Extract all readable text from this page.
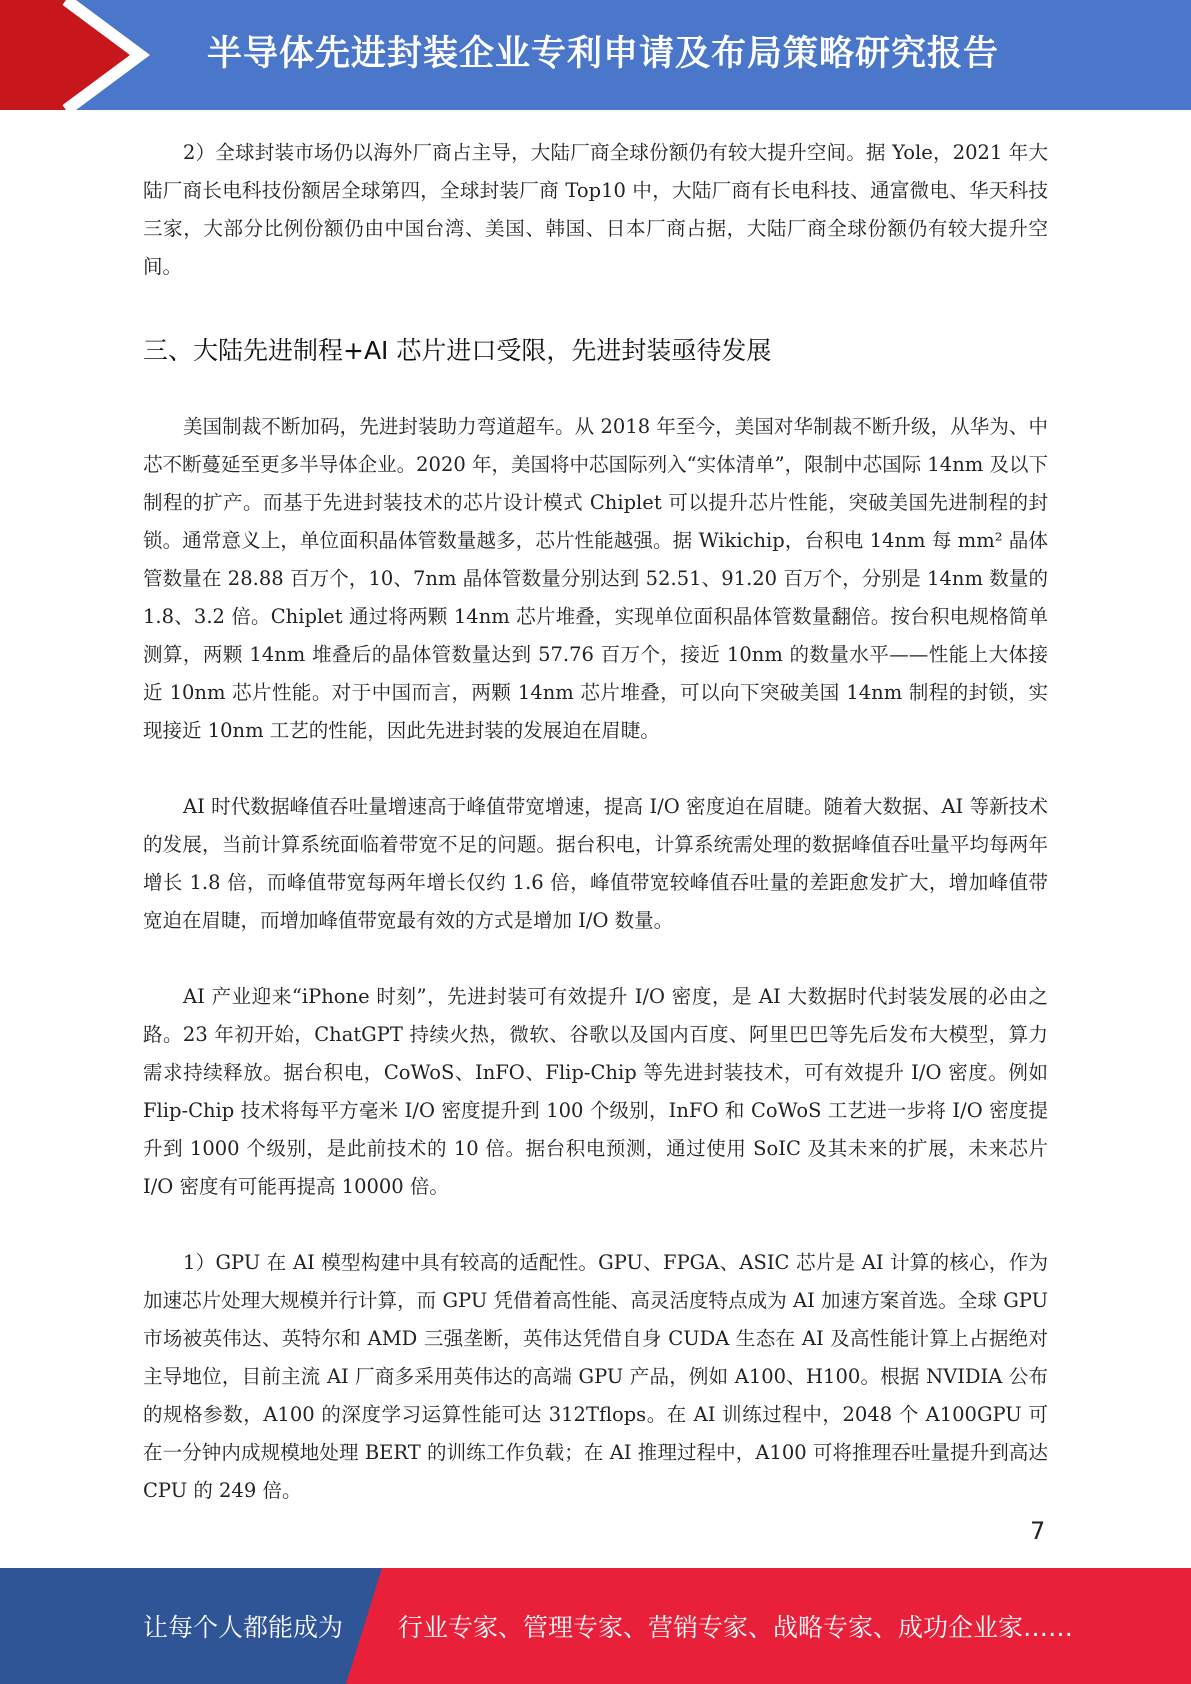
半导体先进封装企业专利申请及布局策略研究报告

2）全球封装市场仍以海外厂商占主导，大陆厂商全球份额仍有较大提升空间。据 Yole，2021 年大陆厂商长电科技份额居全球第四，全球封装厂商 Top10 中，大陆厂商有长电科技、通富微电、华天科技三家，大部分比例份额仍由中国台湾、美国、韩国、日本厂商占据，大陆厂商全球份额仍有较大提升空间。

三、大陆先进制程+AI 芯片进口受限，先进封装亟待发展

美国制裁不断加码，先进封装助力弯道超车。从 2018 年至今，美国对华制裁不断升级，从华为、中芯不断蔓延至更多半导体企业。2020 年，美国将中芯国际列入“实体清单”，限制中芯国际 14nm 及以下制程的扩产。而基于先进封装技术的芯片设计模式 Chiplet 可以提升芯片性能，突破美国先进制程的封锁。通常意义上，单位面积晶体管数量越多，芯片性能越强。据 Wikichip，台积电 14nm 每 mm² 晶体管数量在 28.88 百万个，10、7nm 晶体管数量分别达到 52.51、91.20 百万个，分别是 14nm 数量的 1.8、3.2 倍。Chiplet 通过将两颗 14nm 芯片堆叠，实现单位面积晶体管数量翻倍。按台积电规格简单测算，两颗 14nm 堆叠后的晶体管数量达到 57.76 百万个，接近 10nm 的数量水平——性能上大体接近 10nm 芯片性能。对于中国而言，两颗 14nm 芯片堆叠，可以向下突破美国 14nm 制程的封锁，实现接近 10nm 工艺的性能，因此先进封装的发展迫在眉睫。

AI 时代数据峰值吞吐量增速高于峰值带宽增速，提高 I/O 密度迫在眉睫。随着大数据、AI 等新技术的发展，当前计算系统面临着带宽不足的问题。据台积电，计算系统需处理的数据峰值吞吐量平均每两年增长 1.8 倍，而峰值带宽每两年增长仅约 1.6 倍，峰值带宽较峰值吞吐量的差距愈发扩大，增加峰值带宽迫在眉睫，而增加峰值带宽最有效的方式是增加 I/O 数量。

AI 产业迎来“iPhone 时刻”，先进封装可有效提升 I/O 密度，是 AI 大数据时代封装发展的必由之路。23 年初开始，ChatGPT 持续火热，微软、谷歌以及国内百度、阿里巴巴等先后发布大模型，算力需求持续释放。据台积电，CoWoS、InFO、Flip-Chip 等先进封装技术，可有效提升 I/O 密度。例如 Flip-Chip 技术将每平方毫米 I/O 密度提升到 100 个级别，InFO 和 CoWoS 工艺进一步将 I/O 密度提升到 1000 个级别，是此前技术的 10 倍。据台积电预测，通过使用 SoIC 及其未来的扩展，未来芯片 I/O 密度有可能再提高 10000 倍。

1）GPU 在 AI 模型构建中具有较高的适配性。GPU、FPGA、ASIC 芯片是 AI 计算的核心，作为加速芯片处理大规模并行计算，而 GPU 凭借着高性能、高灵活度特点成为 AI 加速方案首选。全球 GPU 市场被英伟达、英特尔和 AMD 三强垄断，英伟达凭借自身 CUDA 生态在 AI 及高性能计算上占据绝对主导地位，目前主流 AI 厂商多采用英伟达的高端 GPU 产品，例如 A100、H100。根据 NVIDIA 公布的规格参数，A100 的深度学习运算性能可达 312Tflops。在 AI 训练过程中，2048 个 A100GPU 可在一分钟内成规模地处理 BERT 的训练工作负载；在 AI 推理过程中，A100 可将推理吞吐量提升到高达 CPU 的 249 倍。

7
让每个人都能成为 行业专家、管理专家、营销专家、战略专家、成功企业家……
